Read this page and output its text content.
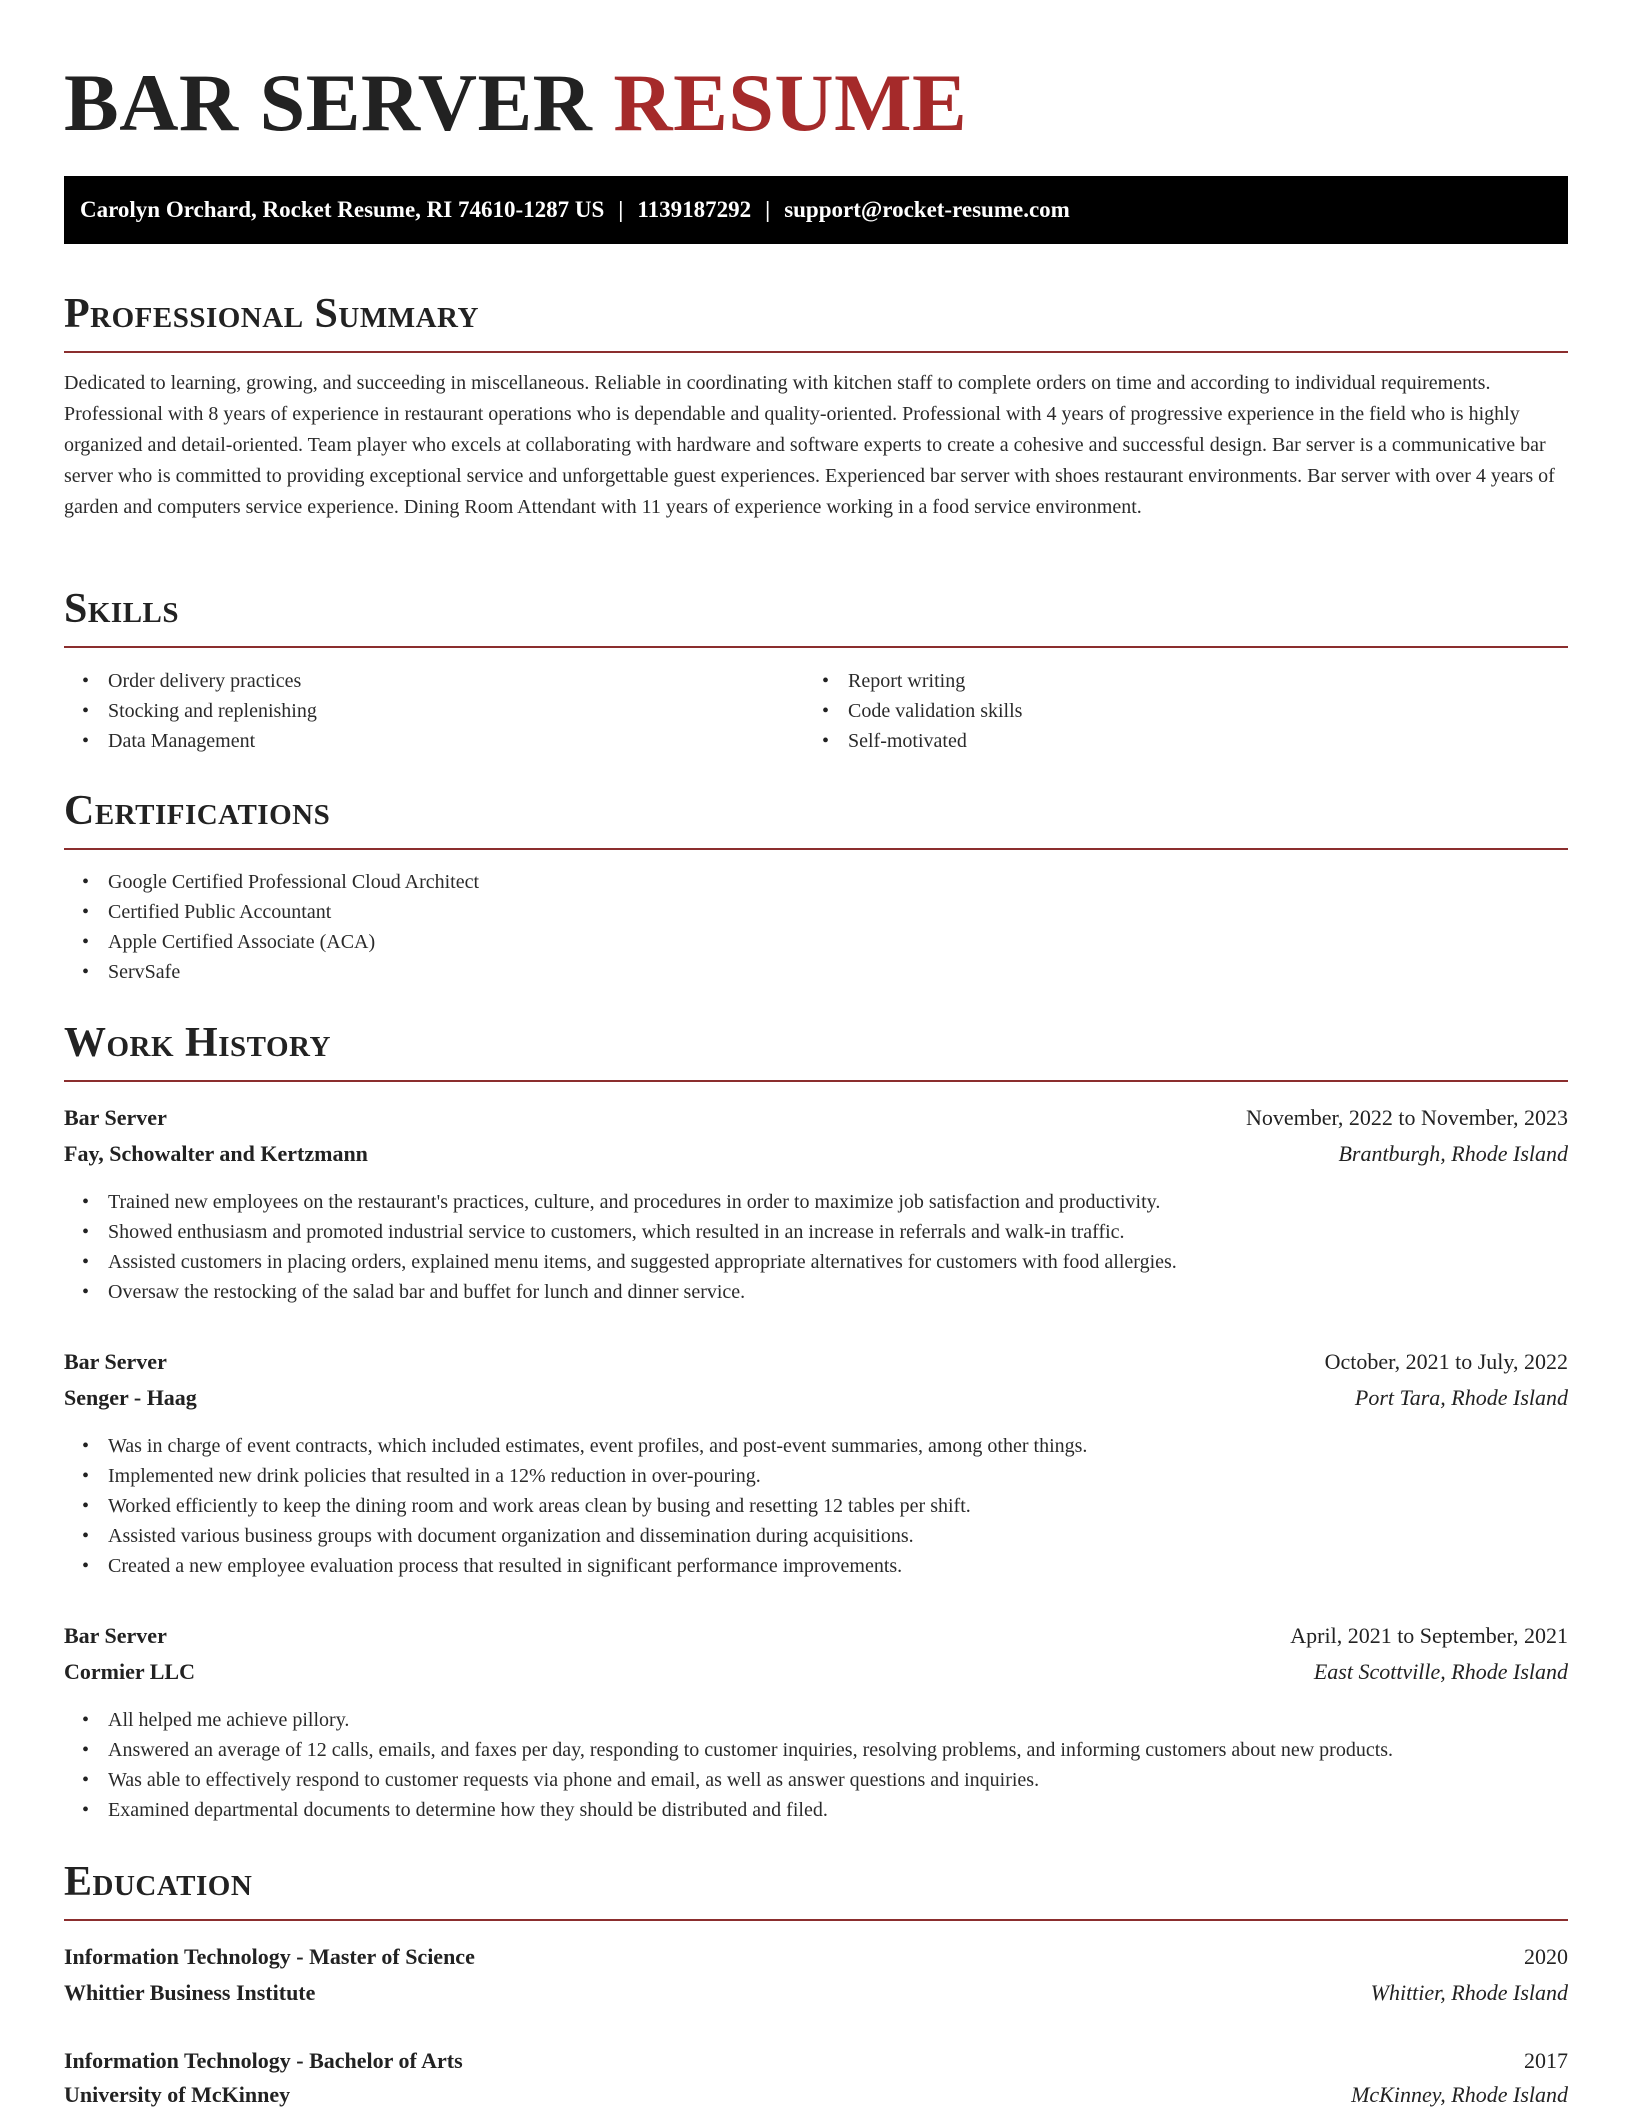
BAR SERVER RESUME
Carolyn Orchard, Rocket Resume, RI 74610-1287 US | 1139187292 | support@rocket-resume.com
Professional Summary

Dedicated to learning, growing, and succeeding in miscellaneous. Reliable in coordinating with kitchen staff to complete orders on time and according to individual requirements. Professional with 8 years of experience in restaurant operations who is dependable and quality-oriented. Professional with 4 years of progressive experience in the field who is highly organized and detail-oriented. Team player who excels at collaborating with hardware and software experts to create a cohesive and successful design. Bar server is a communicative bar server who is committed to providing exceptional service and unforgettable guest experiences. Experienced bar server with shoes restaurant environments. Bar server with over 4 years of garden and computers service experience. Dining Room Attendant with 11 years of experience working in a food service environment.

Skills
• Order delivery practices
• Stocking and replenishing
• Data Management
• Report writing
• Code validation skills
• Self-motivated
Certifications
• Google Certified Professional Cloud Architect
• Certified Public Accountant
• Apple Certified Associate (ACA)
• ServSafe
Work History
Bar Server	November, 2022 to November, 2023
Fay, Schowalter and Kertzmann	Brantburgh, Rhode Island
• Trained new employees on the restaurant's practices, culture, and procedures in order to maximize job satisfaction and productivity.
• Showed enthusiasm and promoted industrial service to customers, which resulted in an increase in referrals and walk-in traffic.
• Assisted customers in placing orders, explained menu items, and suggested appropriate alternatives for customers with food allergies.
• Oversaw the restocking of the salad bar and buffet for lunch and dinner service.
Bar Server	October, 2021 to July, 2022
Senger - Haag	Port Tara, Rhode Island
• Was in charge of event contracts, which included estimates, event profiles, and post-event summaries, among other things.
• Implemented new drink policies that resulted in a 12% reduction in over-pouring.
• Worked efficiently to keep the dining room and work areas clean by busing and resetting 12 tables per shift.
• Assisted various business groups with document organization and dissemination during acquisitions.
• Created a new employee evaluation process that resulted in significant performance improvements.
Bar Server	April, 2021 to September, 2021
Cormier LLC	East Scottville, Rhode Island
• All helped me achieve pillory.
• Answered an average of 12 calls, emails, and faxes per day, responding to customer inquiries, resolving problems, and informing customers about new products.
• Was able to effectively respond to customer requests via phone and email, as well as answer questions and inquiries.
• Examined departmental documents to determine how they should be distributed and filed.
Education
Information Technology - Master of Science	2020
Whittier Business Institute	Whittier, Rhode Island
Information Technology - Bachelor of Arts	2017
University of McKinney	McKinney, Rhode Island
